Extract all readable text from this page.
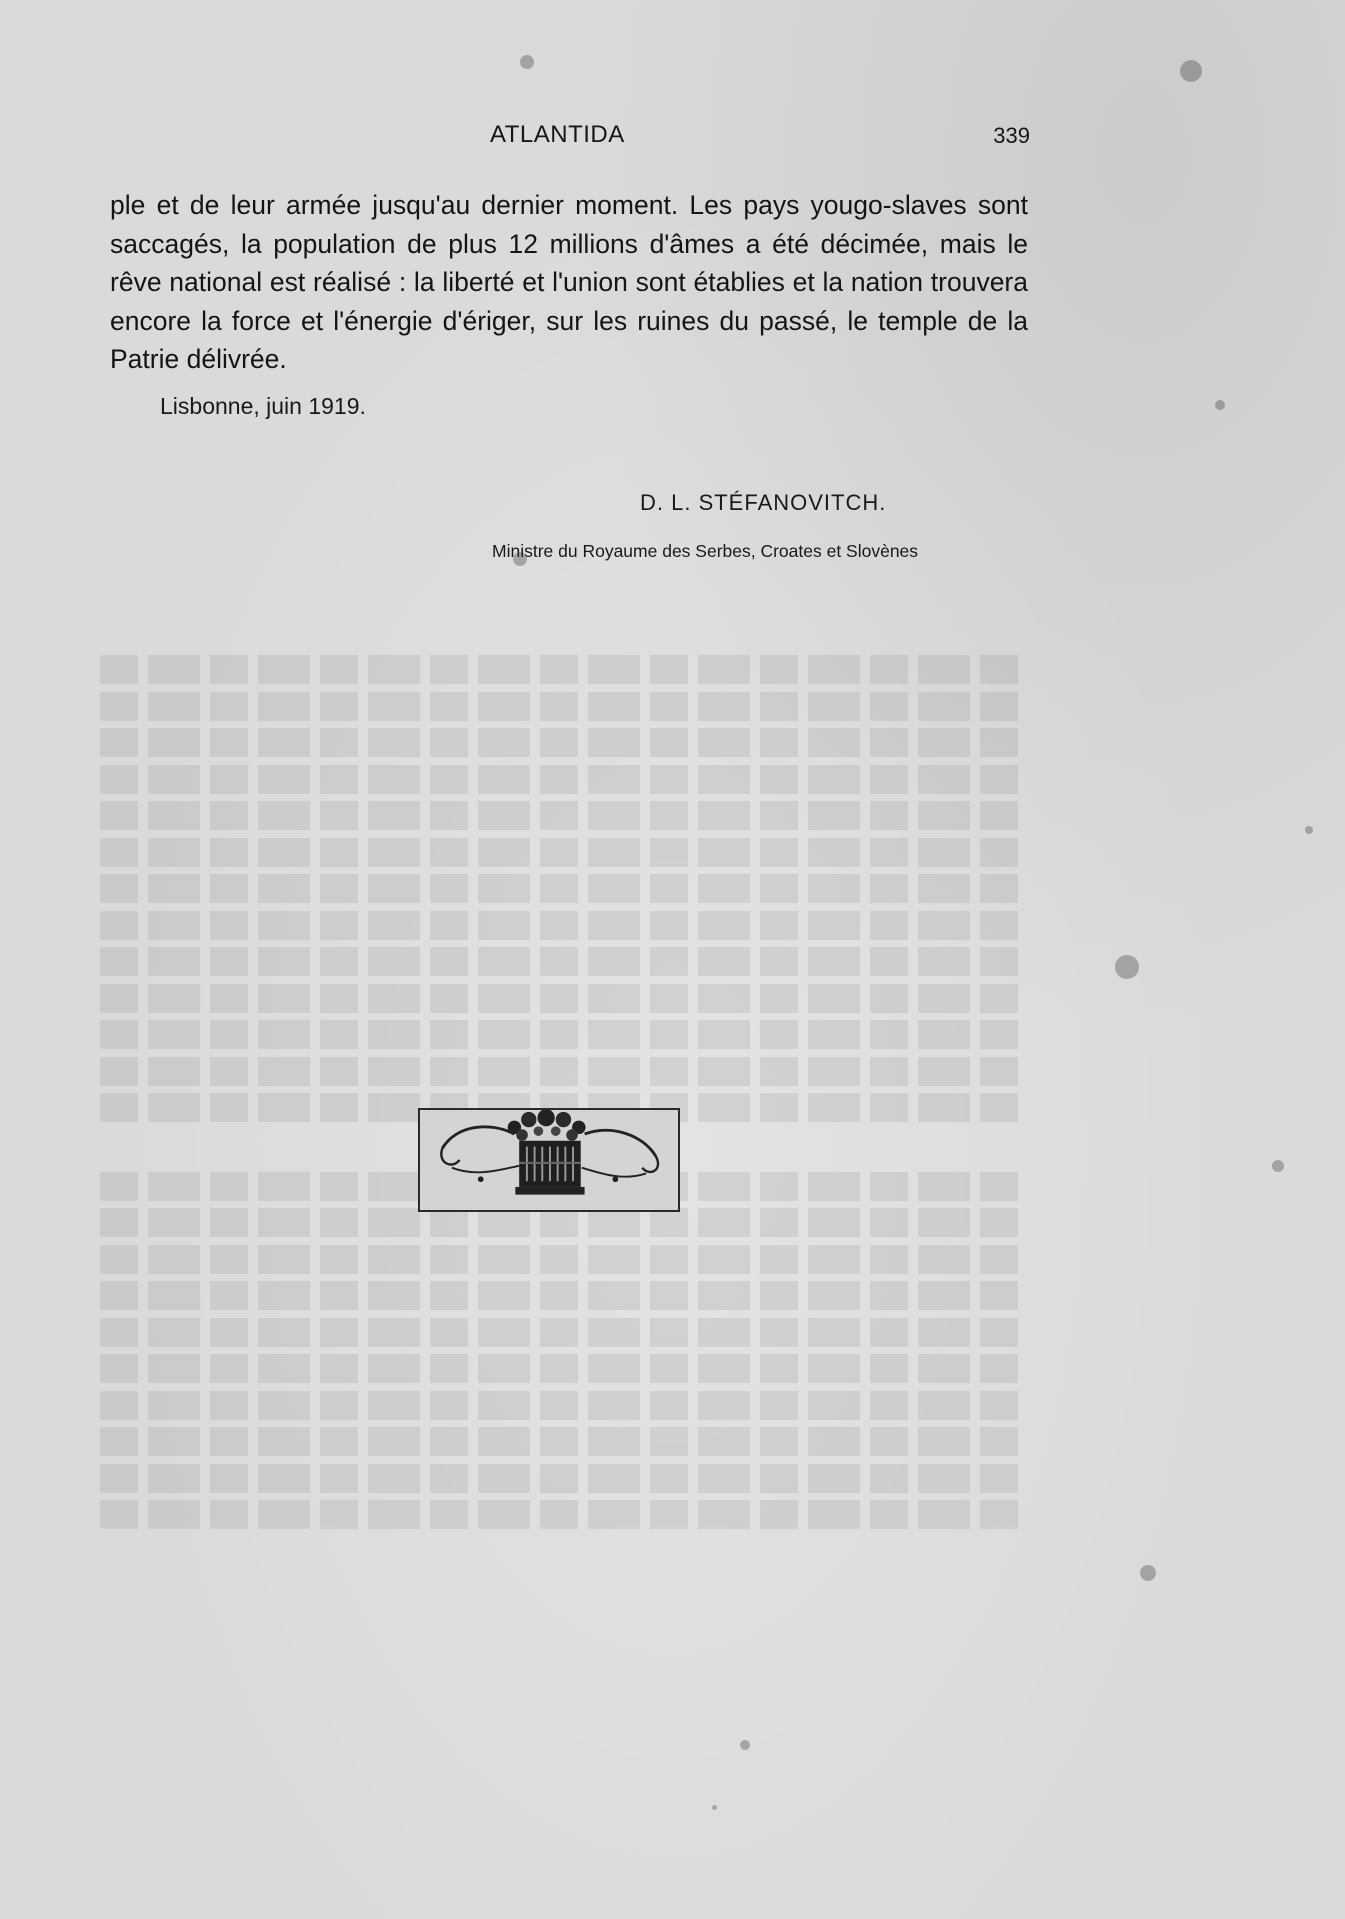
ATLANTIDA	339

ple et de leur armée jusqu'au dernier moment. Les pays yougo-slaves sont saccagés, la population de plus 12 millions d'âmes a été décimée, mais le rêve national est réalisé : la liberté et l'union sont établies et la nation trouvera encore la force et l'énergie d'ériger, sur les ruines du passé, le temple de la Patrie délivrée.

Lisbonne, juin 1919.

D. L. STÉFANOVITCH.

Ministre du Royaume des Serbes, Croates et Slovènes
